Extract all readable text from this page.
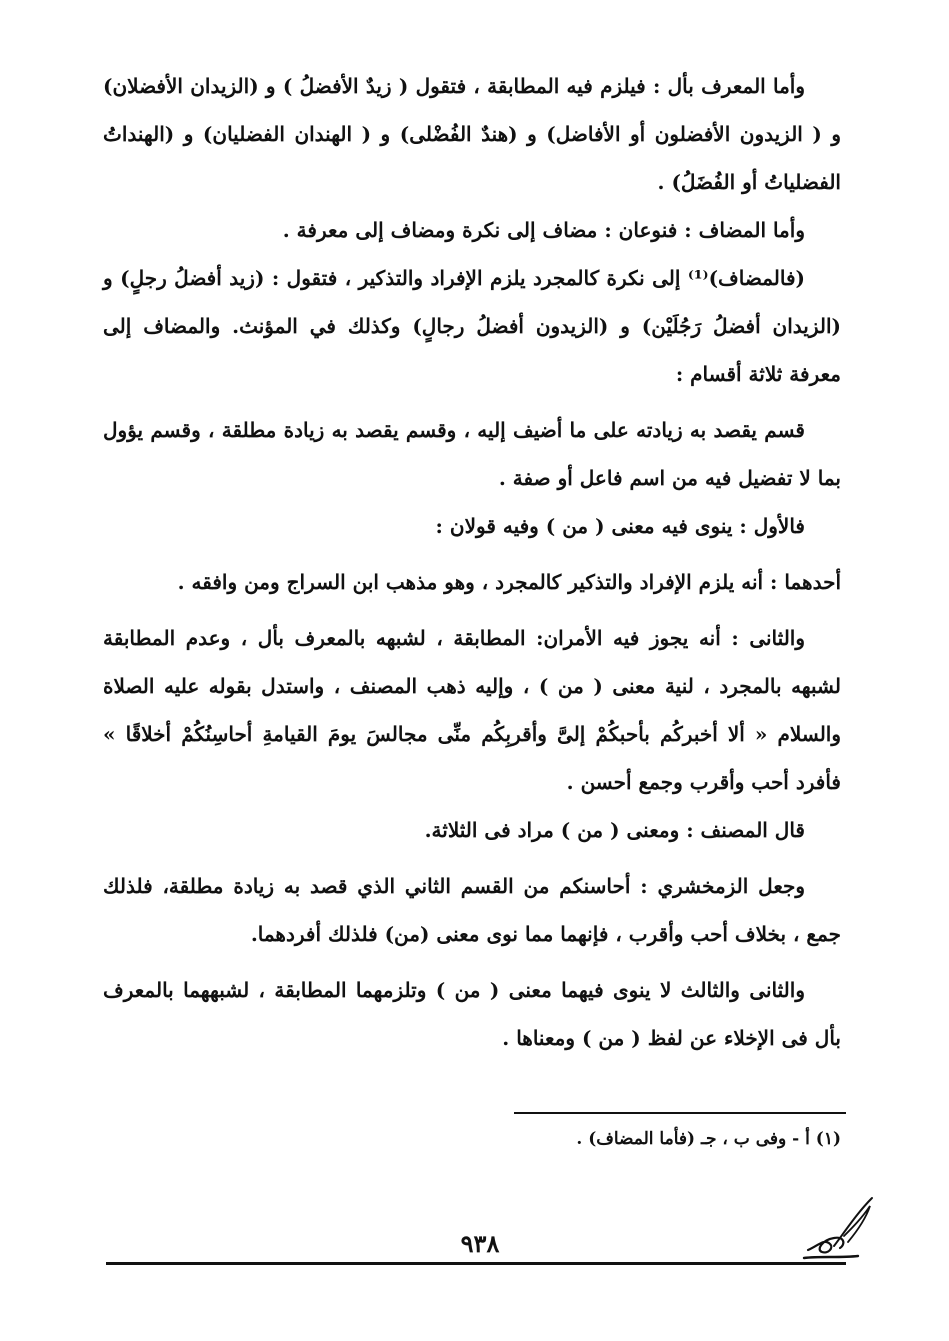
وأما المعرف بأل : فيلزم فيه المطابقة ، فتقول ( زيدٌ الأفضلُ ) و (الزيدان الأفضلان) و ( الزيدون الأفضلون أو الأفاضل) و (هندٌ الفُضْلى) و ( الهندان الفضليان) و (الهنداتُ الفضلياتُ أو الفُضَلُ) .

وأما المضاف : فنوعان : مضاف إلى نكرة ومضاف إلى معرفة .

(فالمضاف)⁽¹⁾ إلى نكرة كالمجرد يلزم الإفراد والتذكير ، فتقول : (زيد أفضلُ رجلٍ) و (الزيدان أفضلُ رَجُلَيْن) و (الزيدون أفضلُ رجالٍ) وكذلك في المؤنث. والمضاف إلى معرفة ثلاثة أقسام :

قسم يقصد به زيادته على ما أضيف إليه ، وقسم يقصد به زيادة مطلقة ، وقسم يؤول بما لا تفضيل فيه من اسم فاعل أو صفة .

فالأول : ينوى فيه معنى ( من ) وفيه قولان :

أحدهما : أنه يلزم الإفراد والتذكير كالمجرد ، وهو مذهب ابن السراج ومن وافقه .

والثانى : أنه يجوز فيه الأمران: المطابقة ، لشبهه بالمعرف بأل ، وعدم المطابقة لشبهه بالمجرد ، لنية معنى ( من ) ، وإليه ذهب المصنف ، واستدل بقوله عليه الصلاة والسلام « ألا أخبركُم بأحبكُمْ إلىَّ وأقربِكُم منِّى مجالسَ يومَ القيامةِ أحاسِنُكُمْ أخلاقًا » فأفرد أحب وأقرب وجمع أحسن .

قال المصنف : ومعنى ( من ) مراد فى الثلاثة.

وجعل الزمخشري : أحاسنكم من القسم الثاني الذي قصد به زيادة مطلقة، فلذلك جمع ، بخلاف أحب وأقرب ، فإنهما مما نوى معنى (من) فلذلك أفردهما.

والثانى والثالث لا ينوى فيهما معنى ( من ) وتلزمهما المطابقة ، لشبههما بالمعرف بأل فى الإخلاء عن لفظ ( من ) ومعناها .

(١) أ - وفى ب ، جـ (فأما المضاف) .
٩٣٨
